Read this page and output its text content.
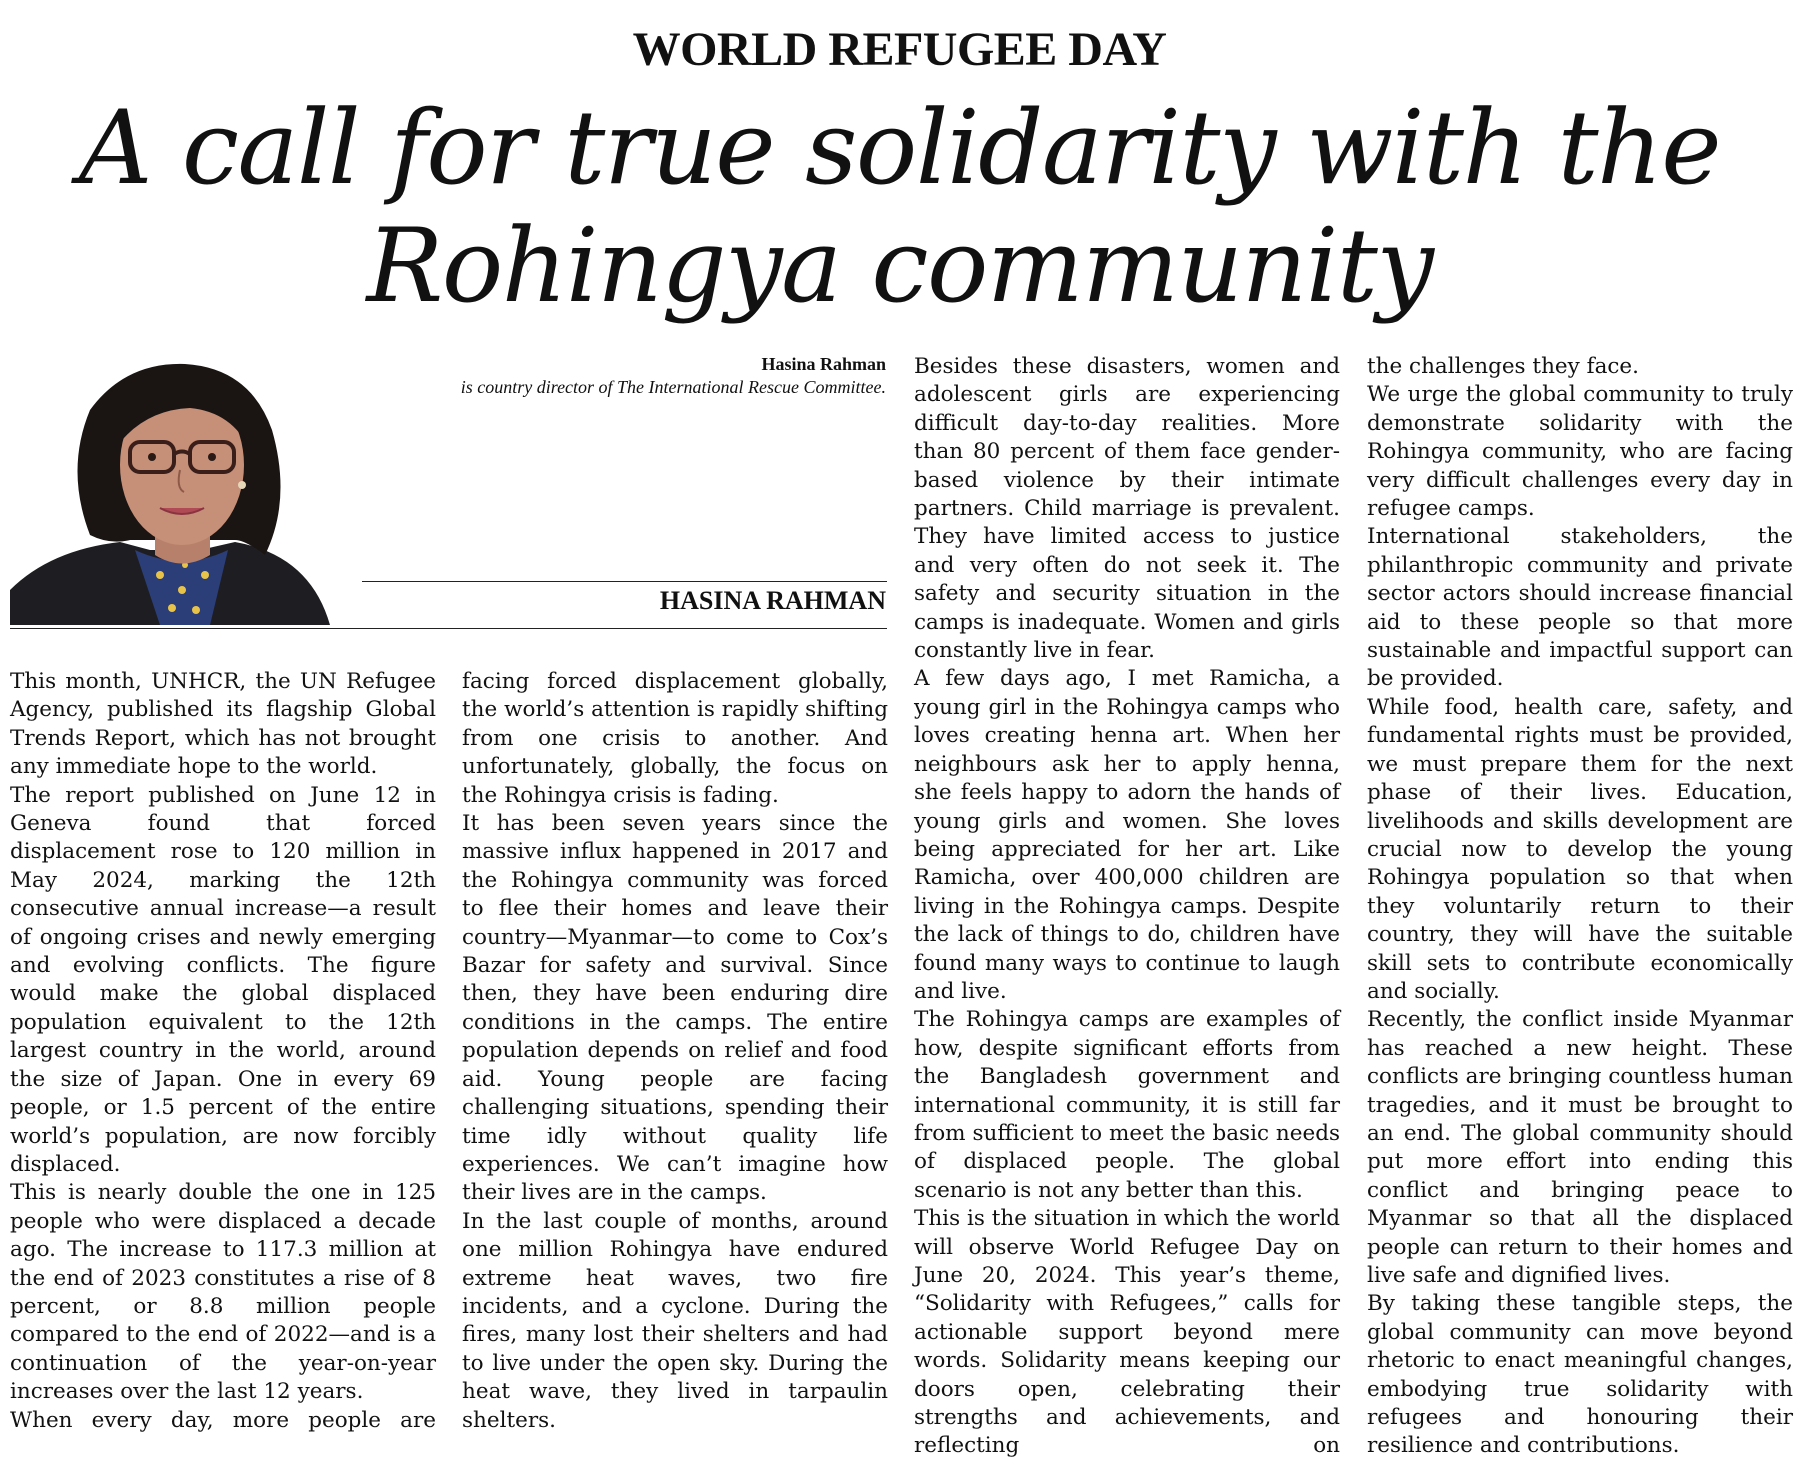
WORLD REFUGEE DAY
A call for true solidarity with the
Rohingya community
Hasina Rahman
is country director of The International Rescue Committee.
HASINA RAHMAN

This month, UNHCR, the UN Refugee Agency, published its flagship Global Trends Report, which has not brought any immediate hope to the world.

The report published on June 12 in Geneva found that forced displacement rose to 120 million in May 2024, marking the 12th consecutive annual increase—a result of ongoing crises and newly emerging and evolving conflicts. The figure would make the global displaced population equivalent to the 12th largest country in the world, around the size of Japan. One in every 69 people, or 1.5 percent of the entire world’s population, are now forcibly displaced.

This is nearly double the one in 125 people who were displaced a decade ago. The increase to 117.3 million at the end of 2023 constitutes a rise of 8 percent, or 8.8 million people compared to the end of 2022—and is a continuation of the year-on-year increases over the last 12 years.

When every day, more people are

facing forced displacement globally, the world’s attention is rapidly shifting from one crisis to another. And unfortunately, globally, the focus on the Rohingya crisis is fading.

It has been seven years since the massive influx happened in 2017 and the Rohingya community was forced to flee their homes and leave their country—Myanmar—to come to Cox’s Bazar for safety and survival. Since then, they have been enduring dire conditions in the camps. The entire population depends on relief and food aid. Young people are facing challenging situations, spending their time idly without quality life experiences. We can’t imagine how their lives are in the camps.

In the last couple of months, around one million Rohingya have endured extreme heat waves, two fire incidents, and a cyclone. During the fires, many lost their shelters and had to live under the open sky. During the heat wave, they lived in tarpaulin shelters.

Besides these disasters, women and adolescent girls are experiencing difficult day-to-day realities. More than 80 percent of them face gender-based violence by their intimate partners. Child marriage is prevalent. They have limited access to justice and very often do not seek it. The safety and security situation in the camps is inadequate. Women and girls constantly live in fear.

A few days ago, I met Ramicha, a young girl in the Rohingya camps who loves creating henna art. When her neighbours ask her to apply henna, she feels happy to adorn the hands of young girls and women. She loves being appreciated for her art. Like Ramicha, over 400,000 children are living in the Rohingya camps. Despite the lack of things to do, children have found many ways to continue to laugh and live.

The Rohingya camps are examples of how, despite significant efforts from the Bangladesh government and international community, it is still far from sufficient to meet the basic needs of displaced people. The global scenario is not any better than this.

This is the situation in which the world will observe World Refugee Day on June 20, 2024. This year’s theme, “Solidarity with Refugees,” calls for actionable support beyond mere words. Solidarity means keeping our doors open, celebrating their strengths and achievements, and reflecting on

the challenges they face.

We urge the global community to truly demonstrate solidarity with the Rohingya community, who are facing very difficult challenges every day in refugee camps.

International stakeholders, the philanthropic community and private sector actors should increase financial aid to these people so that more sustainable and impactful support can be provided.

While food, health care, safety, and fundamental rights must be provided, we must prepare them for the next phase of their lives. Education, livelihoods and skills development are crucial now to develop the young Rohingya population so that when they voluntarily return to their country, they will have the suitable skill sets to contribute economically and socially.

Recently, the conflict inside Myanmar has reached a new height. These conflicts are bringing countless human tragedies, and it must be brought to an end. The global community should put more effort into ending this conflict and bringing peace to Myanmar so that all the displaced people can return to their homes and live safe and dignified lives.

By taking these tangible steps, the global community can move beyond rhetoric to enact meaningful changes, embodying true solidarity with refugees and honouring their resilience and contributions.
